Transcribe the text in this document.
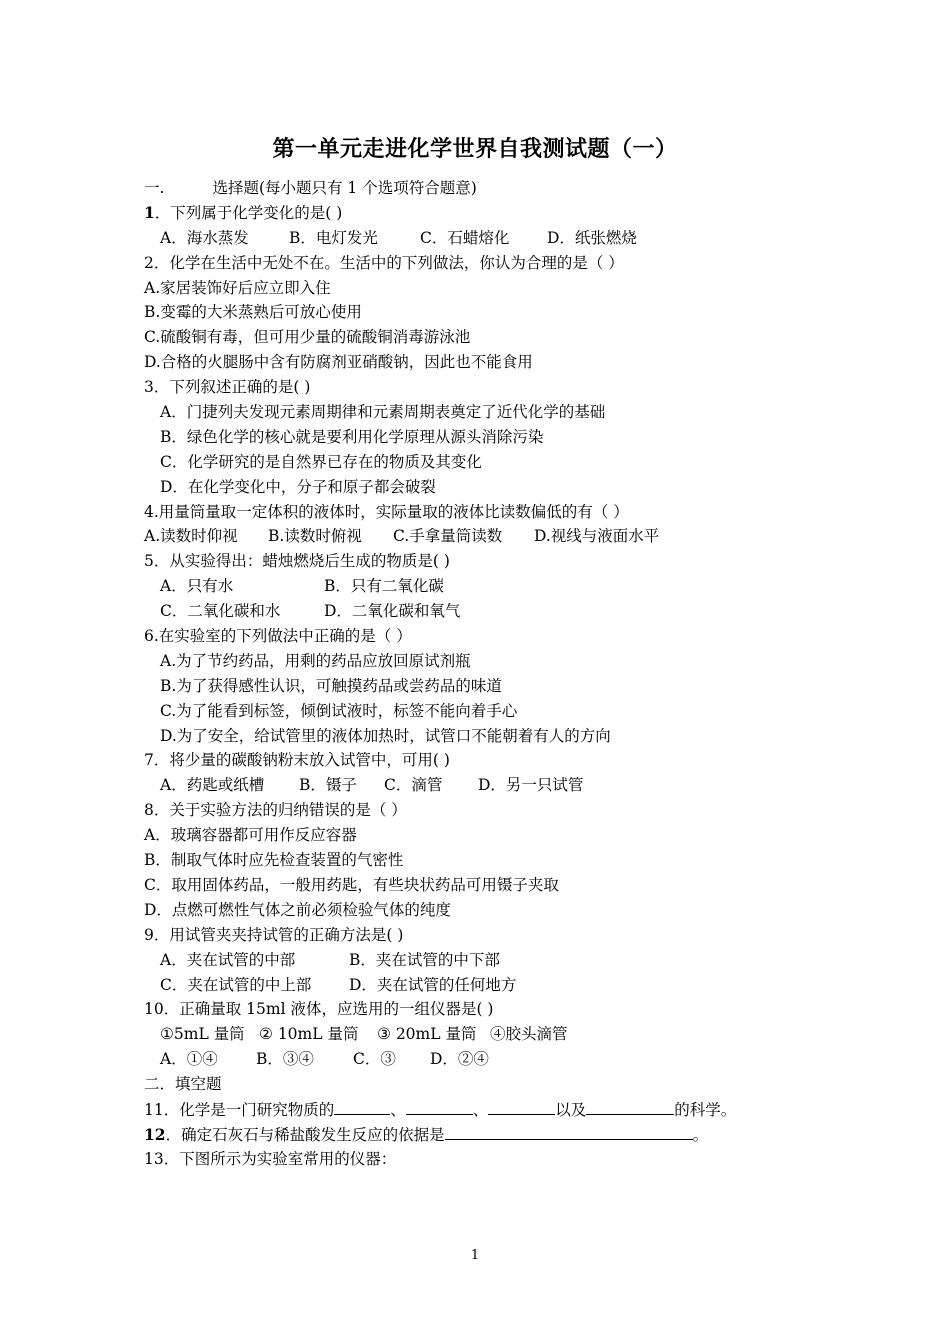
第一单元走进化学世界自我测试题（一）
一.	选择题(每小题只有 1 个选项符合题意)
1．下列属于化学变化的是( )
A．海水蒸发	B．电灯发光	C．石蜡熔化 D．纸张燃烧
2．化学在生活中无处不在。生活中的下列做法，你认为合理的是（ ）
A.家居装饰好后应立即入住
B.变霉的大米蒸熟后可放心使用
C.硫酸铜有毒，但可用少量的硫酸铜消毒游泳池
D.合格的火腿肠中含有防腐剂亚硝酸钠，因此也不能食用
3．下列叙述正确的是( )
A．门捷列夫发现元素周期律和元素周期表奠定了近代化学的基础
B．绿色化学的核心就是要利用化学原理从源头消除污染
C．化学研究的是自然界已存在的物质及其变化
D．在化学变化中，分子和原子都会破裂
4.用量筒量取一定体积的液体时，实际量取的液体比读数偏低的有（ ）
A.读数时仰视 B.读数时俯视 C.手拿量筒读数 D.视线与液面水平
5．从实验得出：蜡烛燃烧后生成的物质是( )
A．只有水	B．只有二氧化碳
C．二氧化碳和水	D．二氧化碳和氧气
6.在实验室的下列做法中正确的是（ ）
A.为了节约药品，用剩的药品应放回原试剂瓶
B.为了获得感性认识，可触摸药品或尝药品的味道
C.为了能看到标签，倾倒试液时，标签不能向着手心
D.为了安全，给试管里的液体加热时，试管口不能朝着有人的方向
7．将少量的碳酸钠粉末放入试管中，可用( )
A．药匙或纸槽 B．镊子 C．滴管 D．另一只试管
8．关于实验方法的归纳错误的是（ ）
A．玻璃容器都可用作反应容器
B．制取气体时应先检查装置的气密性
C．取用固体药品，一般用药匙，有些块状药品可用镊子夹取
D．点燃可燃性气体之前必须检验气体的纯度
9．用试管夹夹持试管的正确方法是( )
A．夹在试管的中部	B．夹在试管的中下部
C．夹在试管的中上部 D．夹在试管的任何地方
10．正确量取 15ml 液体，应选用的一组仪器是( )
①5mL 量筒 ② 10mL 量筒 ③ 20mL 量筒 ④胶头滴管
A．①④ B．③④	C．③ D．②④
二．填空题
11．化学是一门研究物质的	、	、	以及	的科学。
12．确定石灰石与稀盐酸发生反应的依据是	。
13．下图所示为实验室常用的仪器：
1
